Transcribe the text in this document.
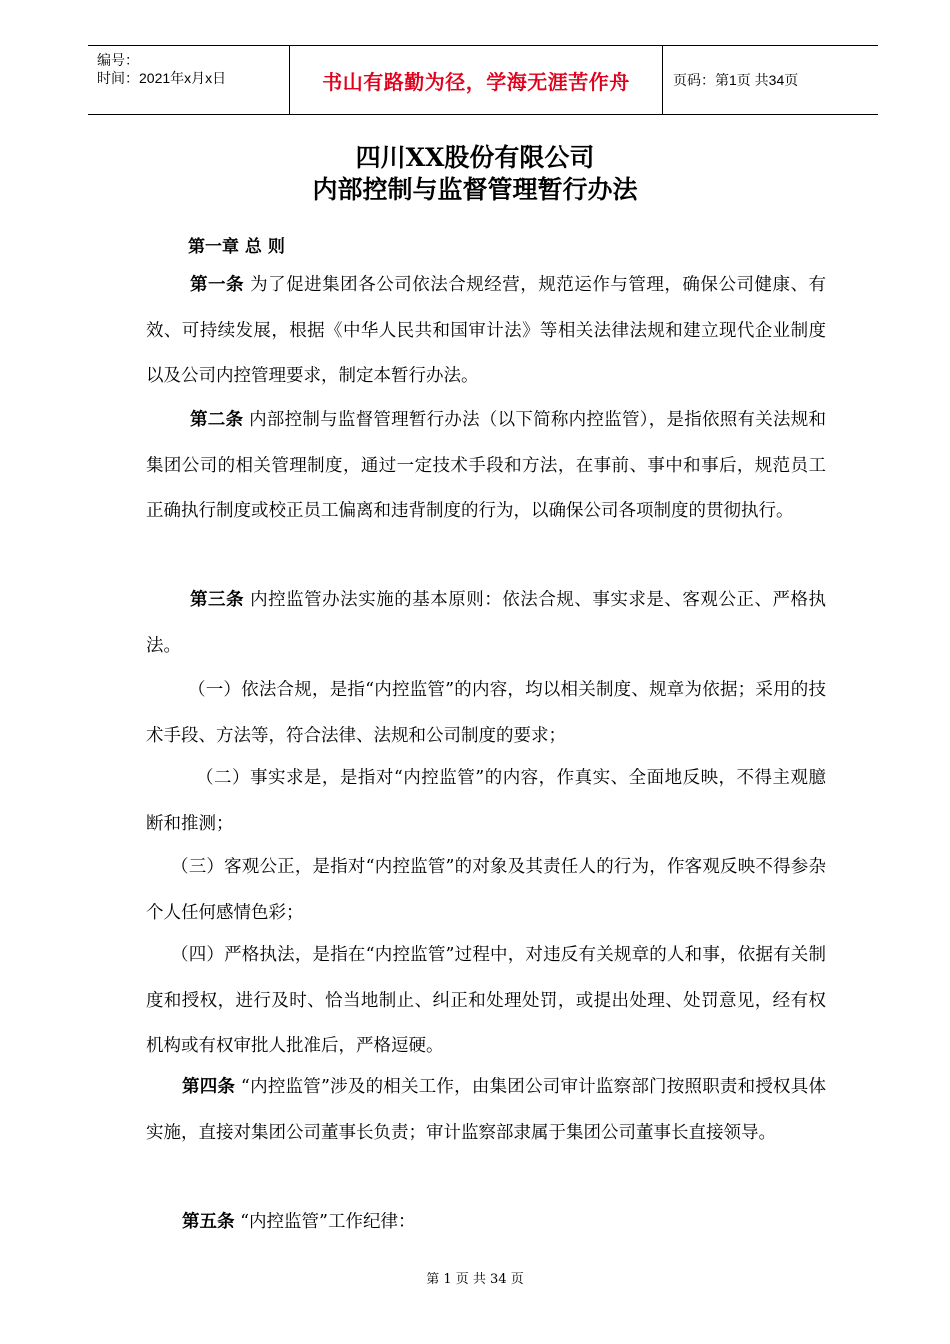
编号：
时间：2021年x月x日	书山有路勤为径，学海无涯苦作舟	页码：第1页 共34页
四川XX股份有限公司
内部控制与监督管理暂行办法
第一章 总 则
第一条 为了促进集团各公司依法合规经营，规范运作与管理，确保公司健康、有效、可持续发展，根据《中华人民共和国审计法》等相关法律法规和建立现代企业制度以及公司内控管理要求，制定本暂行办法。
第二条 内部控制与监督管理暂行办法（以下简称内控监管），是指依照有关法规和集团公司的相关管理制度，通过一定技术手段和方法，在事前、事中和事后，规范员工正确执行制度或校正员工偏离和违背制度的行为，以确保公司各项制度的贯彻执行。
第三条 内控监管办法实施的基本原则：依法合规、事实求是、客观公正、严格执法。
（一）依法合规，是指“内控监管”的内容，均以相关制度、规章为依据；采用的技术手段、方法等，符合法律、法规和公司制度的要求；
（二）事实求是，是指对“内控监管”的内容，作真实、全面地反映，不得主观臆断和推测；
（三）客观公正，是指对“内控监管”的对象及其责任人的行为，作客观反映不得参杂个人任何感情色彩；
（四）严格执法，是指在“内控监管”过程中，对违反有关规章的人和事，依据有关制度和授权，进行及时、恰当地制止、纠正和处理处罚，或提出处理、处罚意见，经有权机构或有权审批人批准后，严格逗硬。
第四条 “内控监管”涉及的相关工作，由集团公司审计监察部门按照职责和授权具体实施，直接对集团公司董事长负责；审计监察部隶属于集团公司董事长直接领导。
第五条 “内控监管”工作纪律：
第 1 页 共 34 页
